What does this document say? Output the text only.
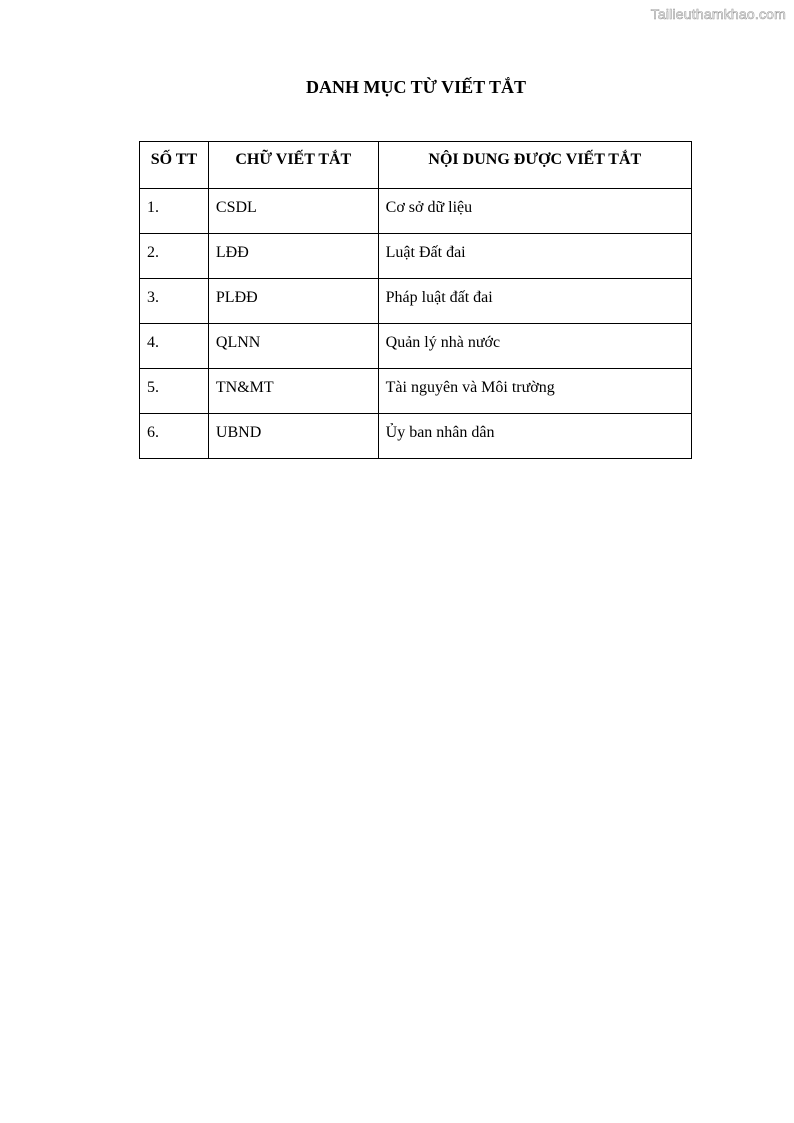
Tailieuthamkhao.com
DANH MỤC TỪ VIẾT TẮT
SỐ TT	CHỮ VIẾT TẮT	NỘI DUNG ĐƯỢC VIẾT TẮT
1.	CSDL	Cơ sở dữ liệu
2.	LĐĐ	Luật Đất đai
3.	PLĐĐ	Pháp luật đất đai
4.	QLNN	Quản lý nhà nước
5.	TN&MT	Tài nguyên và Môi trường
6.	UBND	Ủy ban nhân dân
